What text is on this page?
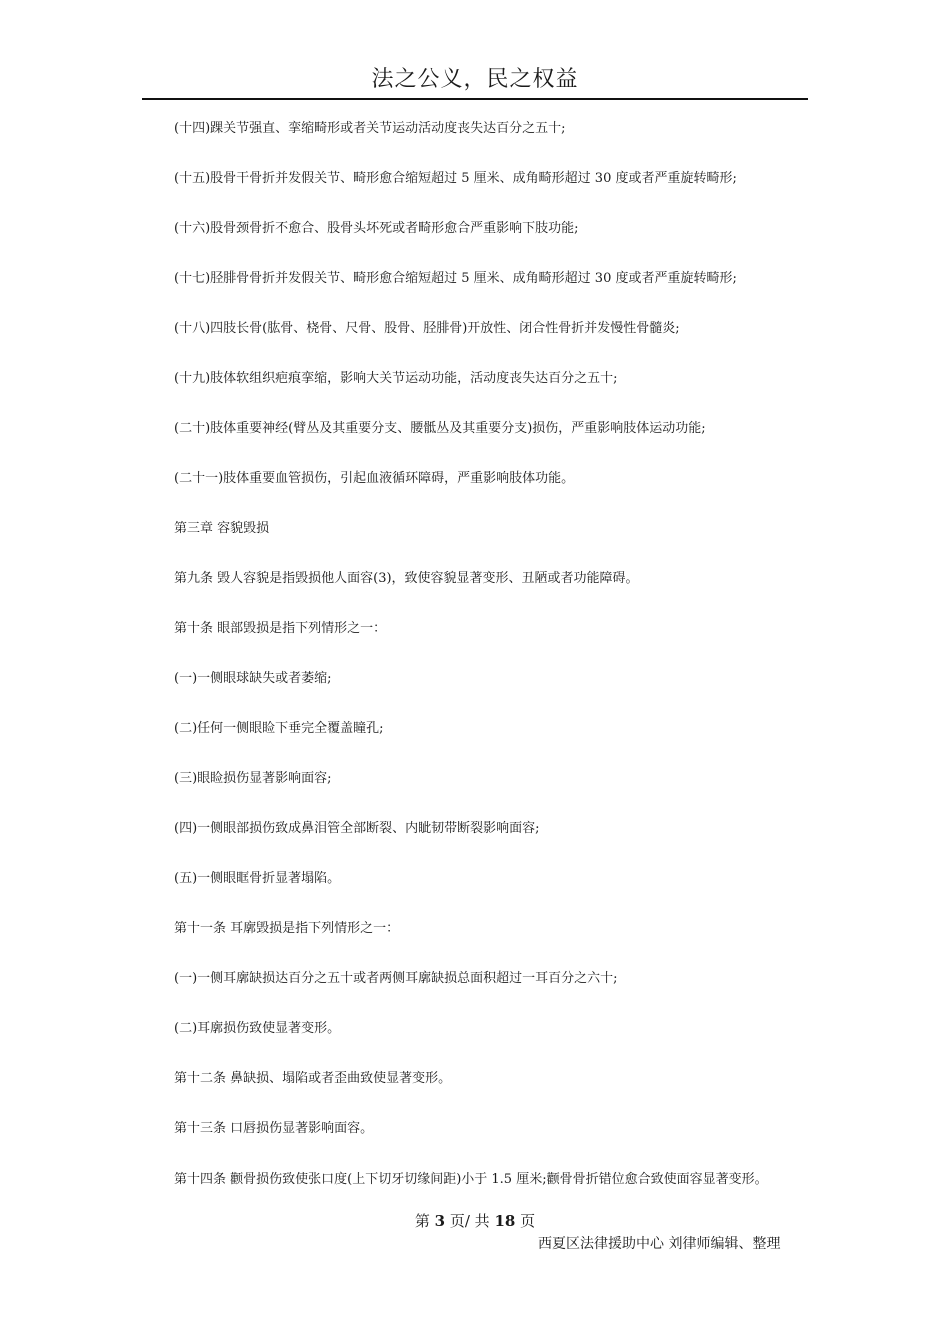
法之公义，民之权益

(十四)踝关节强直、挛缩畸形或者关节运动活动度丧失达百分之五十;

(十五)股骨干骨折并发假关节、畸形愈合缩短超过 5 厘米、成角畸形超过 30 度或者严重旋转畸形;

(十六)股骨颈骨折不愈合、股骨头坏死或者畸形愈合严重影响下肢功能;

(十七)胫腓骨骨折并发假关节、畸形愈合缩短超过 5 厘米、成角畸形超过 30 度或者严重旋转畸形;

(十八)四肢长骨(肱骨、桡骨、尺骨、股骨、胫腓骨)开放性、闭合性骨折并发慢性骨髓炎;

(十九)肢体软组织疤痕挛缩，影响大关节运动功能，活动度丧失达百分之五十;

(二十)肢体重要神经(臂丛及其重要分支、腰骶丛及其重要分支)损伤，严重影响肢体运动功能;

(二十一)肢体重要血管损伤，引起血液循环障碍，严重影响肢体功能。

第三章 容貌毁损

第九条 毁人容貌是指毁损他人面容(3)，致使容貌显著变形、丑陋或者功能障碍。

第十条 眼部毁损是指下列情形之一：

(一)一侧眼球缺失或者萎缩;

(二)任何一侧眼睑下垂完全覆盖瞳孔;

(三)眼睑损伤显著影响面容;

(四)一侧眼部损伤致成鼻泪管全部断裂、内眦韧带断裂影响面容;

(五)一侧眼眶骨折显著塌陷。

第十一条 耳廓毁损是指下列情形之一：

(一)一侧耳廓缺损达百分之五十或者两侧耳廓缺损总面积超过一耳百分之六十;

(二)耳廓损伤致使显著变形。

第十二条 鼻缺损、塌陷或者歪曲致使显著变形。

第十三条 口唇损伤显著影响面容。

第十四条 颧骨损伤致使张口度(上下切牙切缘间距)小于 1.5 厘米;颧骨骨折错位愈合致使面容显著变形。

第 3 页/ 共 18 页
西夏区法律援助中心 刘律师编辑、整理
